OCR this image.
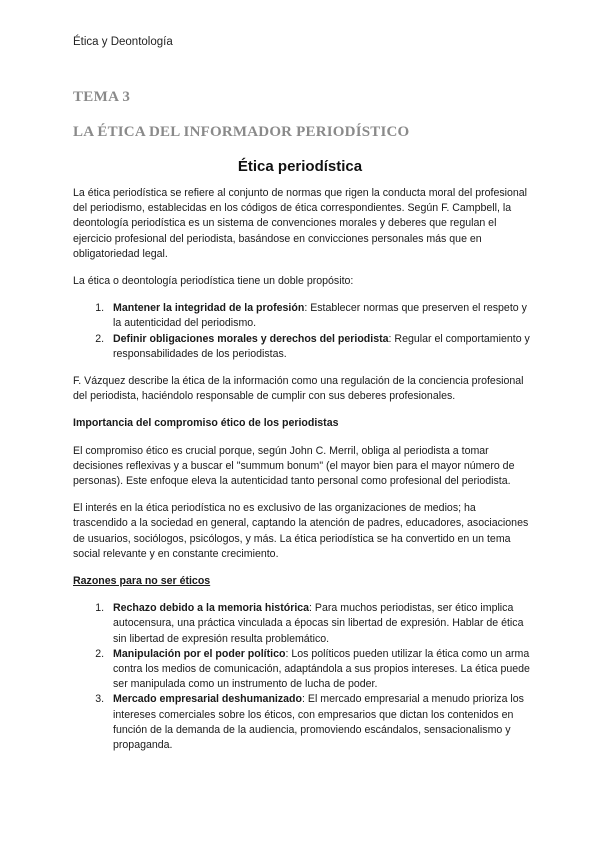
Ética y Deontología
TEMA 3
LA ÉTICA DEL INFORMADOR PERIODÍSTICO
Ética periodística

La ética periodística se refiere al conjunto de normas que rigen la conducta moral del profesional del periodismo, establecidas en los códigos de ética correspondientes. Según F. Campbell, la deontología periodística es un sistema de convenciones morales y deberes que regulan el ejercicio profesional del periodista, basándose en convicciones personales más que en obligatoriedad legal.

La ética o deontología periodística tiene un doble propósito:

1. Mantener la integridad de la profesión: Establecer normas que preserven el respeto y la autenticidad del periodismo.
2. Definir obligaciones morales y derechos del periodista: Regular el comportamiento y responsabilidades de los periodistas.

F. Vázquez describe la ética de la información como una regulación de la conciencia profesional del periodista, haciéndolo responsable de cumplir con sus deberes profesionales.

Importancia del compromiso ético de los periodistas

El compromiso ético es crucial porque, según John C. Merril, obliga al periodista a tomar decisiones reflexivas y a buscar el "summum bonum" (el mayor bien para el mayor número de personas). Este enfoque eleva la autenticidad tanto personal como profesional del periodista.

El interés en la ética periodística no es exclusivo de las organizaciones de medios; ha trascendido a la sociedad en general, captando la atención de padres, educadores, asociaciones de usuarios, sociólogos, psicólogos, y más. La ética periodística se ha convertido en un tema social relevante y en constante crecimiento.

Razones para no ser éticos
1. Rechazo debido a la memoria histórica: Para muchos periodistas, ser ético implica autocensura, una práctica vinculada a épocas sin libertad de expresión. Hablar de ética sin libertad de expresión resulta problemático.
2. Manipulación por el poder político: Los políticos pueden utilizar la ética como un arma contra los medios de comunicación, adaptándola a sus propios intereses. La ética puede ser manipulada como un instrumento de lucha de poder.
3. Mercado empresarial deshumanizado: El mercado empresarial a menudo prioriza los intereses comerciales sobre los éticos, con empresarios que dictan los contenidos en función de la demanda de la audiencia, promoviendo escándalos, sensacionalismo y propaganda.
